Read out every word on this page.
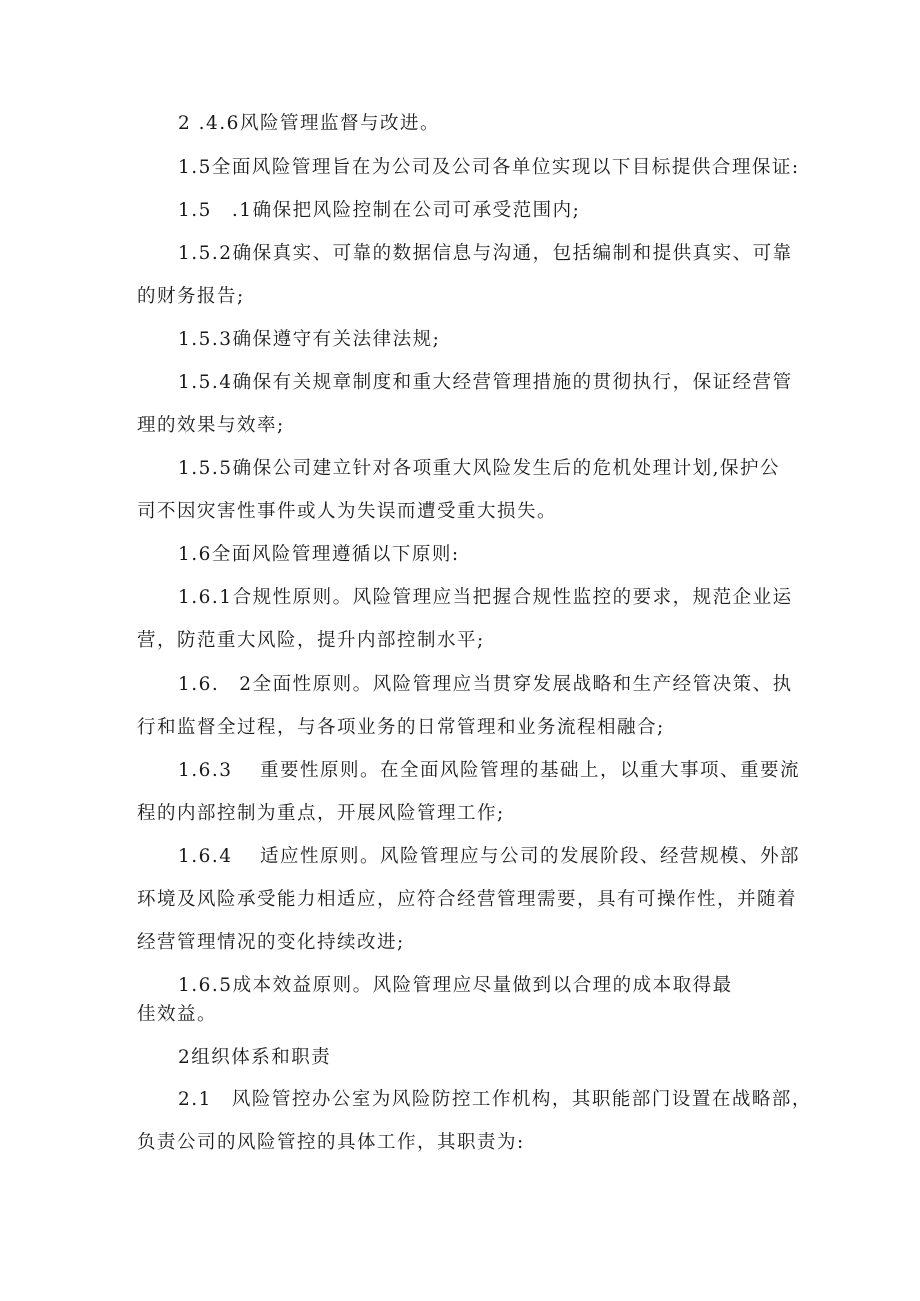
2 .4.6风险管理监督与改进。
1.5全面风险管理旨在为公司及公司各单位实现以下目标提供合理保证:
1.5　.1确保把风险控制在公司可承受范围内;
1.5.2确保真实、可靠的数据信息与沟通，包括编制和提供真实、可靠
的财务报告;
1.5.3确保遵守有关法律法规;
1.5.4确保有关规章制度和重大经营管理措施的贯彻执行，保证经营管
理的效果与效率;
1.5.5确保公司建立针对各项重大风险发生后的危机处理计划,保护公
司不因灾害性事件或人为失误而遭受重大损失。
1.6全面风险管理遵循以下原则:
1.6.1合规性原则。风险管理应当把握合规性监控的要求，规范企业运
营，防范重大风险，提升内部控制水平;
1.6.　2全面性原则。风险管理应当贯穿发展战略和生产经管决策、执
行和监督全过程，与各项业务的日常管理和业务流程相融合;
1.6.3　 重要性原则。在全面风险管理的基础上，以重大事项、重要流
程的内部控制为重点，开展风险管理工作;
1.6.4　 适应性原则。风险管理应与公司的发展阶段、经营规模、外部
环境及风险承受能力相适应，应符合经营管理需要，具有可操作性，并随着
经营管理情况的变化持续改进;
1.6.5成本效益原则。风险管理应尽量做到以合理的成本取得最
佳效益。
2组织体系和职责
2.1　风险管控办公室为风险防控工作机构，其职能部门设置在战略部，
负责公司的风险管控的具体工作，其职责为:
